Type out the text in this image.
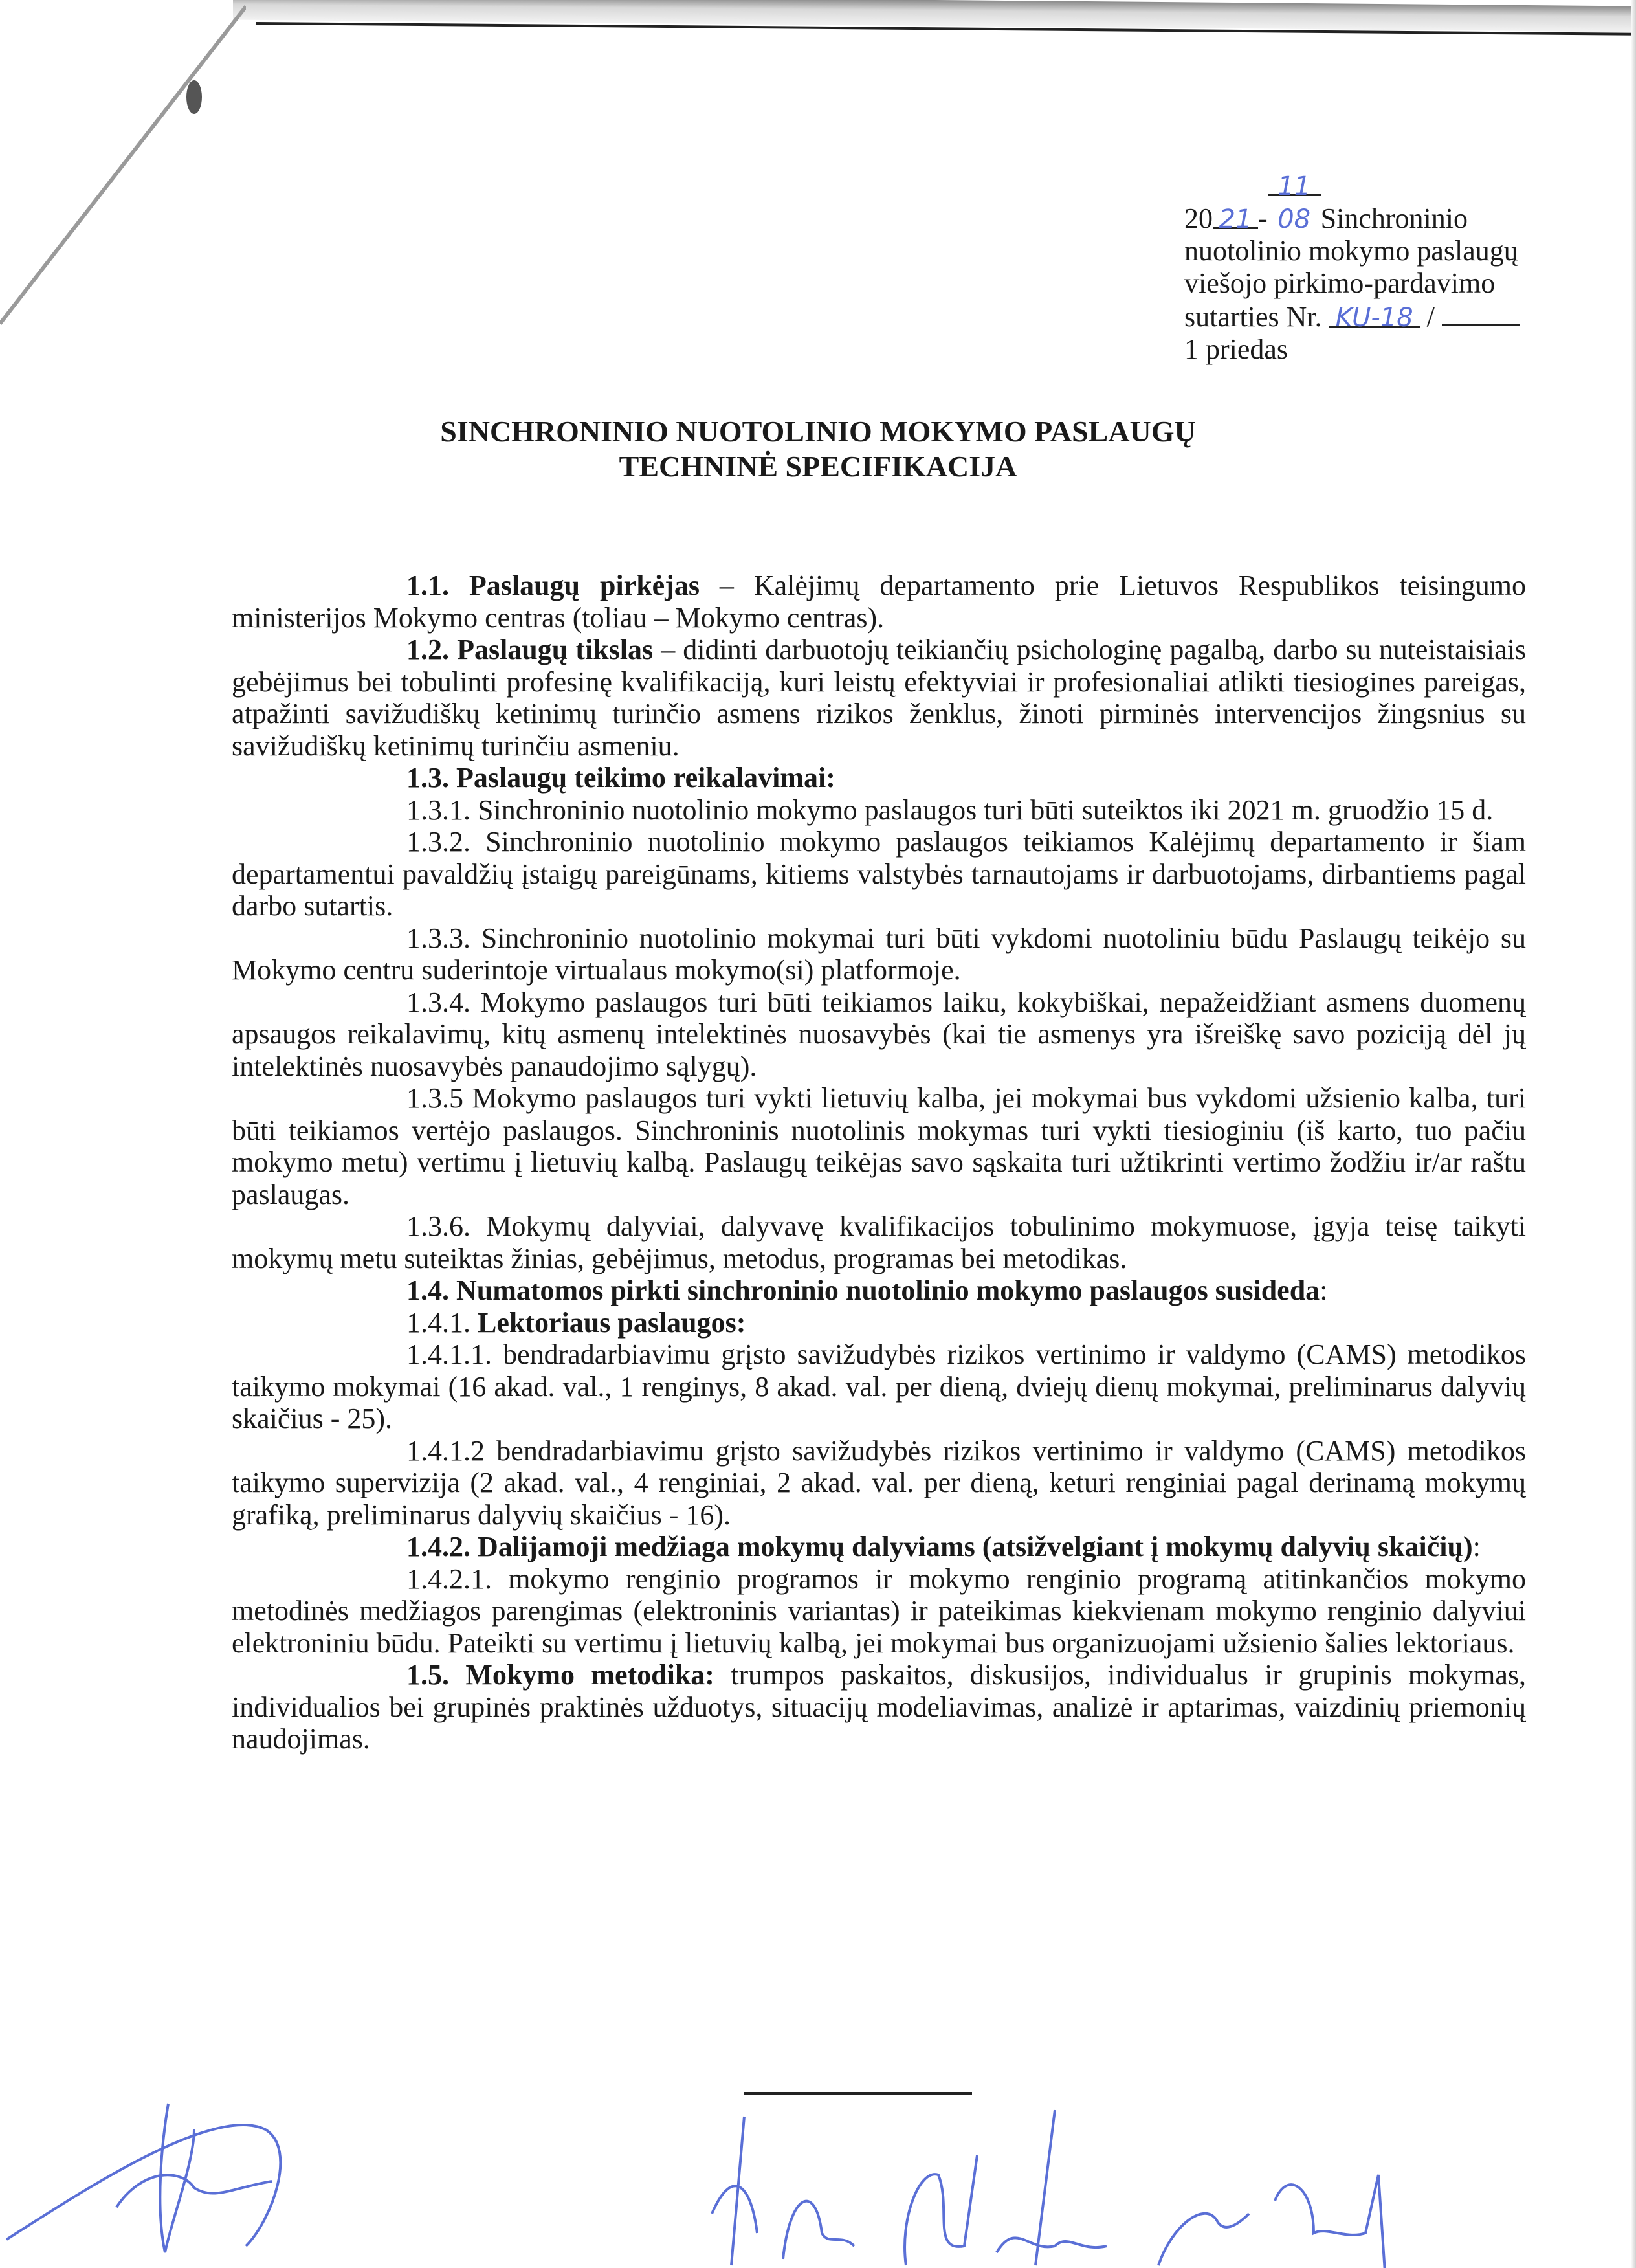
20 21 -11 08 Sinchroninio
nuotolinio mokymo paslaugų
viešojo pirkimo-pardavimo
sutarties Nr. KU-18 /
1 priedas
SINCHRONINIO NUOTOLINIO MOKYMO PASLAUGŲ
TECHNINĖ SPECIFIKACIJA

1.1. Paslaugų pirkėjas – Kalėjimų departamento prie Lietuvos Respublikos teisingumo ministerijos Mokymo centras (toliau – Mokymo centras).

1.2. Paslaugų tikslas – didinti darbuotojų teikiančių psichologinę pagalbą, darbo su nuteistaisiais gebėjimus bei tobulinti profesinę kvalifikaciją, kuri leistų efektyviai ir profesionaliai atlikti tiesiogines pareigas, atpažinti savižudiškų ketinimų turinčio asmens rizikos ženklus, žinoti pirminės intervencijos žingsnius su savižudiškų ketinimų turinčiu asmeniu.

1.3. Paslaugų teikimo reikalavimai:

1.3.1. Sinchroninio nuotolinio mokymo paslaugos turi būti suteiktos iki 2021 m. gruodžio 15 d.

1.3.2. Sinchroninio nuotolinio mokymo paslaugos teikiamos Kalėjimų departamento ir šiam departamentui pavaldžių įstaigų pareigūnams, kitiems valstybės tarnautojams ir darbuotojams, dirbantiems pagal darbo sutartis.

1.3.3. Sinchroninio nuotolinio mokymai turi būti vykdomi nuotoliniu būdu Paslaugų teikėjo su Mokymo centru suderintoje virtualaus mokymo(si) platformoje.

1.3.4. Mokymo paslaugos turi būti teikiamos laiku, kokybiškai, nepažeidžiant asmens duomenų apsaugos reikalavimų, kitų asmenų intelektinės nuosavybės (kai tie asmenys yra išreiškę savo poziciją dėl jų intelektinės nuosavybės panaudojimo sąlygų).

1.3.5 Mokymo paslaugos turi vykti lietuvių kalba, jei mokymai bus vykdomi užsienio kalba, turi būti teikiamos vertėjo paslaugos. Sinchroninis nuotolinis mokymas turi vykti tiesioginiu (iš karto, tuo pačiu mokymo metu) vertimu į lietuvių kalbą. Paslaugų teikėjas savo sąskaita turi užtikrinti vertimo žodžiu ir/ar raštu paslaugas.

1.3.6. Mokymų dalyviai, dalyvavę kvalifikacijos tobulinimo mokymuose, įgyja teisę taikyti mokymų metu suteiktas žinias, gebėjimus, metodus, programas bei metodikas.

1.4. Numatomos pirkti sinchroninio nuotolinio mokymo paslaugos susideda:

1.4.1. Lektoriaus paslaugos:

1.4.1.1. bendradarbiavimu grįsto savižudybės rizikos vertinimo ir valdymo (CAMS) metodikos taikymo mokymai (16 akad. val., 1 renginys, 8 akad. val. per dieną, dviejų dienų mokymai, preliminarus dalyvių skaičius - 25).

1.4.1.2 bendradarbiavimu grįsto savižudybės rizikos vertinimo ir valdymo (CAMS) metodikos taikymo supervizija (2 akad. val., 4 renginiai, 2 akad. val. per dieną, keturi renginiai pagal derinamą mokymų grafiką, preliminarus dalyvių skaičius - 16).

1.4.2. Dalijamoji medžiaga mokymų dalyviams (atsižvelgiant į mokymų dalyvių skaičių):

1.4.2.1. mokymo renginio programos ir mokymo renginio programą atitinkančios mokymo metodinės medžiagos parengimas (elektroninis variantas) ir pateikimas kiekvienam mokymo renginio dalyviui elektroniniu būdu. Pateikti su vertimu į lietuvių kalbą, jei mokymai bus organizuojami užsienio šalies lektoriaus.

1.5. Mokymo metodika: trumpos paskaitos, diskusijos, individualus ir grupinis mokymas, individualios bei grupinės praktinės užduotys, situacijų modeliavimas, analizė ir aptarimas, vaizdinių priemonių naudojimas.
